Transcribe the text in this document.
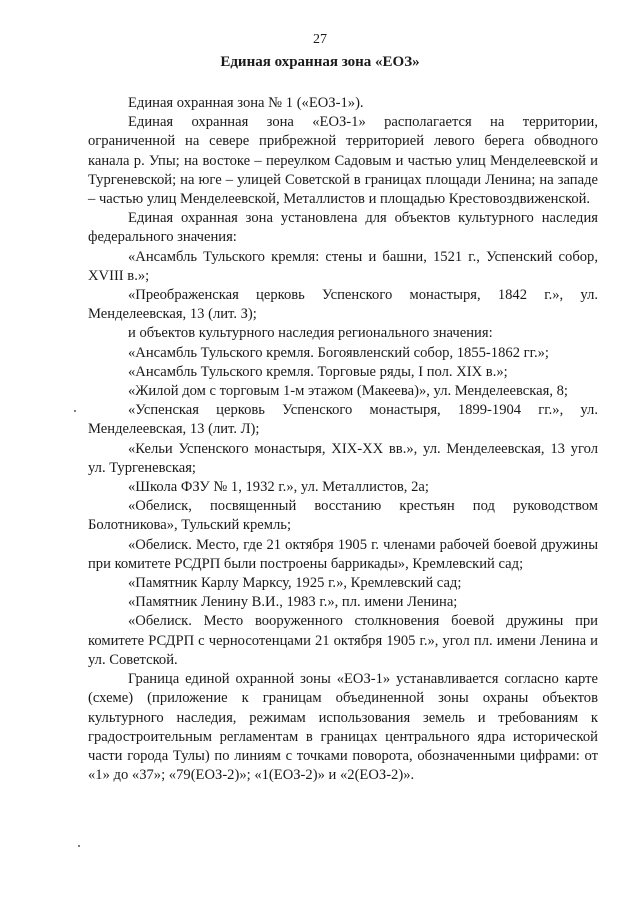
27
Единая охранная зона «ЕОЗ»

Единая охранная зона № 1 («ЕОЗ-1»).

Единая охранная зона «ЕОЗ-1» располагается на территории, ограниченной на севере прибрежной территорией левого берега обводного канала р. Упы; на востоке – переулком Садовым и частью улиц Менделеевской и Тургеневской; на юге – улицей Советской в границах площади Ленина; на западе – частью улиц Менделеевской, Металлистов и площадью Крестовоздвиженской.

Единая охранная зона установлена для объектов культурного наследия федерального значения:

«Ансамбль Тульского кремля: стены и башни, 1521 г., Успенский собор, XVIII в.»;

«Преображенская церковь Успенского монастыря, 1842 г.», ул. Менделеевская, 13 (лит. З);

и объектов культурного наследия регионального значения:

«Ансамбль Тульского кремля. Богоявленский собор, 1855-1862 гг.»;

«Ансамбль Тульского кремля. Торговые ряды, I пол. XIX в.»;

«Жилой дом с торговым 1-м этажом (Макеева)», ул. Менделеевская, 8;

«Успенская церковь Успенского монастыря, 1899-1904 гг.», ул. Менделеевская, 13 (лит. Л);

«Кельи Успенского монастыря, XIX-XX вв.», ул. Менделеевская, 13 угол ул. Тургеневская;

«Школа ФЗУ № 1, 1932 г.», ул. Металлистов, 2а;

«Обелиск, посвященный восстанию крестьян под руководством Болотникова», Тульский кремль;

«Обелиск. Место, где 21 октября 1905 г. членами рабочей боевой дружины при комитете РСДРП были построены баррикады», Кремлевский сад;

«Памятник Карлу Марксу, 1925 г.», Кремлевский сад;

«Памятник Ленину В.И., 1983 г.», пл. имени Ленина;

«Обелиск. Место вооруженного столкновения боевой дружины при комитете РСДРП с черносотенцами 21 октября 1905 г.», угол пл. имени Ленина и ул. Советской.

Граница единой охранной зоны «ЕОЗ-1» устанавливается согласно карте (схеме) (приложение к границам объединенной зоны охраны объектов культурного наследия, режимам использования земель и требованиям к градостроительным регламентам в границах центрального ядра исторической части города Тулы) по линиям с точками поворота, обозначенными цифрами: от «1» до «37»; «79(ЕОЗ-2)»; «1(ЕОЗ-2)» и «2(ЕОЗ-2)».
